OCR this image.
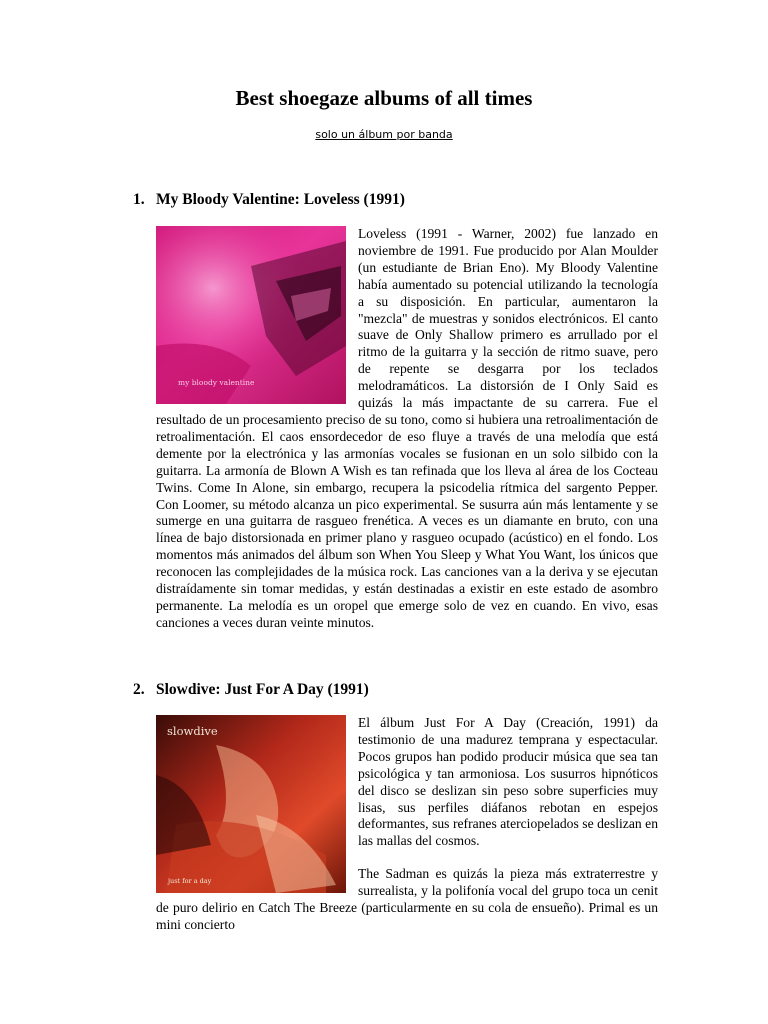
Best shoegaze albums of all times
solo un álbum por banda
1. My Bloody Valentine: Loveless (1991)
my bloody valentine
Loveless (1991 - Warner, 2002) fue lanzado en noviembre de 1991. Fue producido por Alan Moulder (un estudiante de Brian Eno). My Bloody Valentine había aumentado su potencial utilizando la tecnología a su disposición. En particular, aumentaron la "mezcla" de muestras y sonidos electrónicos. El canto suave de Only Shallow primero es arrullado por el ritmo de la guitarra y la sección de ritmo suave, pero de repente se desgarra por los teclados melodramáticos. La distorsión de I Only Said es quizás la más impactante de su carrera. Fue el resultado de un procesamiento preciso de su tono, como si hubiera una retroalimentación de retroalimentación. El caos ensordecedor de eso fluye a través de una melodía que está demente por la electrónica y las armonías vocales se fusionan en un solo silbido con la guitarra. La armonía de Blown A Wish es tan refinada que los lleva al área de los Cocteau Twins. Come In Alone, sin embargo, recupera la psicodelia rítmica del sargento Pepper. Con Loomer, su método alcanza un pico experimental. Se susurra aún más lentamente y se sumerge en una guitarra de rasgueo frenética. A veces es un diamante en bruto, con una línea de bajo distorsionada en primer plano y rasgueo ocupado (acústico) en el fondo. Los momentos más animados del álbum son When You Sleep y What You Want, los únicos que reconocen las complejidades de la música rock. Las canciones van a la deriva y se ejecutan distraídamente sin tomar medidas, y están destinadas a existir en este estado de asombro permanente. La melodía es un oropel que emerge solo de vez en cuando. En vivo, esas canciones a veces duran veinte minutos.
2. Slowdive: Just For A Day (1991)
slowdive
just for a day
El álbum Just For A Day (Creación, 1991) da testimonio de una madurez temprana y espectacular. Pocos grupos han podido producir música que sea tan psicológica y tan armoniosa. Los susurros hipnóticos del disco se deslizan sin peso sobre superficies muy lisas, sus perfiles diáfanos rebotan en espejos deformantes, sus refranes aterciopelados se deslizan en las mallas del cosmos.
The Sadman es quizás la pieza más extraterrestre y surrealista, y la polifonía vocal del grupo toca un cenit de puro delirio en Catch The Breeze (particularmente en su cola de ensueño). Primal es un mini concierto
